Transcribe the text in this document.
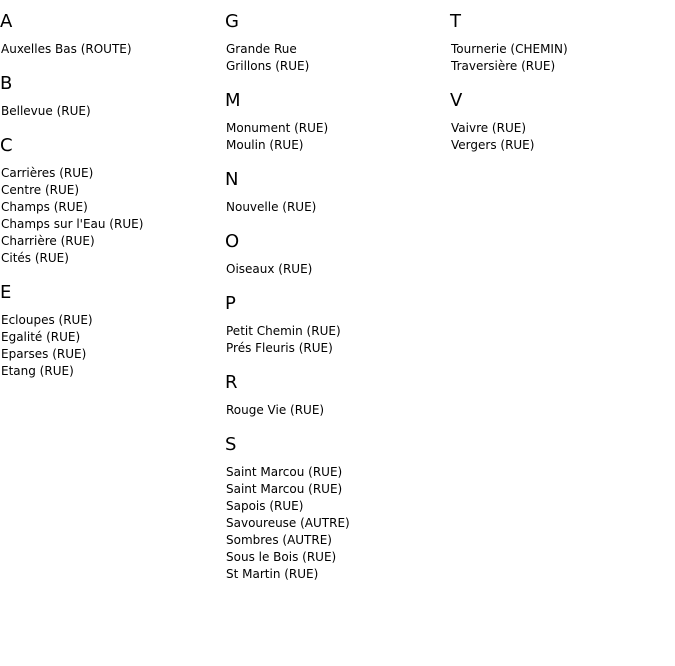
A
Auxelles Bas (ROUTE)
B
Bellevue (RUE)
C
Carrières (RUE)
Centre (RUE)
Champs (RUE)
Champs sur l'Eau (RUE)
Charrière (RUE)
Cités (RUE)
E
Ecloupes (RUE)
Egalité (RUE)
Eparses (RUE)
Etang (RUE)
G
Grande Rue
Grillons (RUE)
M
Monument (RUE)
Moulin (RUE)
N
Nouvelle (RUE)
O
Oiseaux (RUE)
P
Petit Chemin (RUE)
Prés Fleuris (RUE)
R
Rouge Vie (RUE)
S
Saint Marcou (RUE)
Saint Marcou (RUE)
Sapois (RUE)
Savoureuse (AUTRE)
Sombres (AUTRE)
Sous le Bois (RUE)
St Martin (RUE)
T
Tournerie (CHEMIN)
Traversière (RUE)
V
Vaivre (RUE)
Vergers (RUE)
